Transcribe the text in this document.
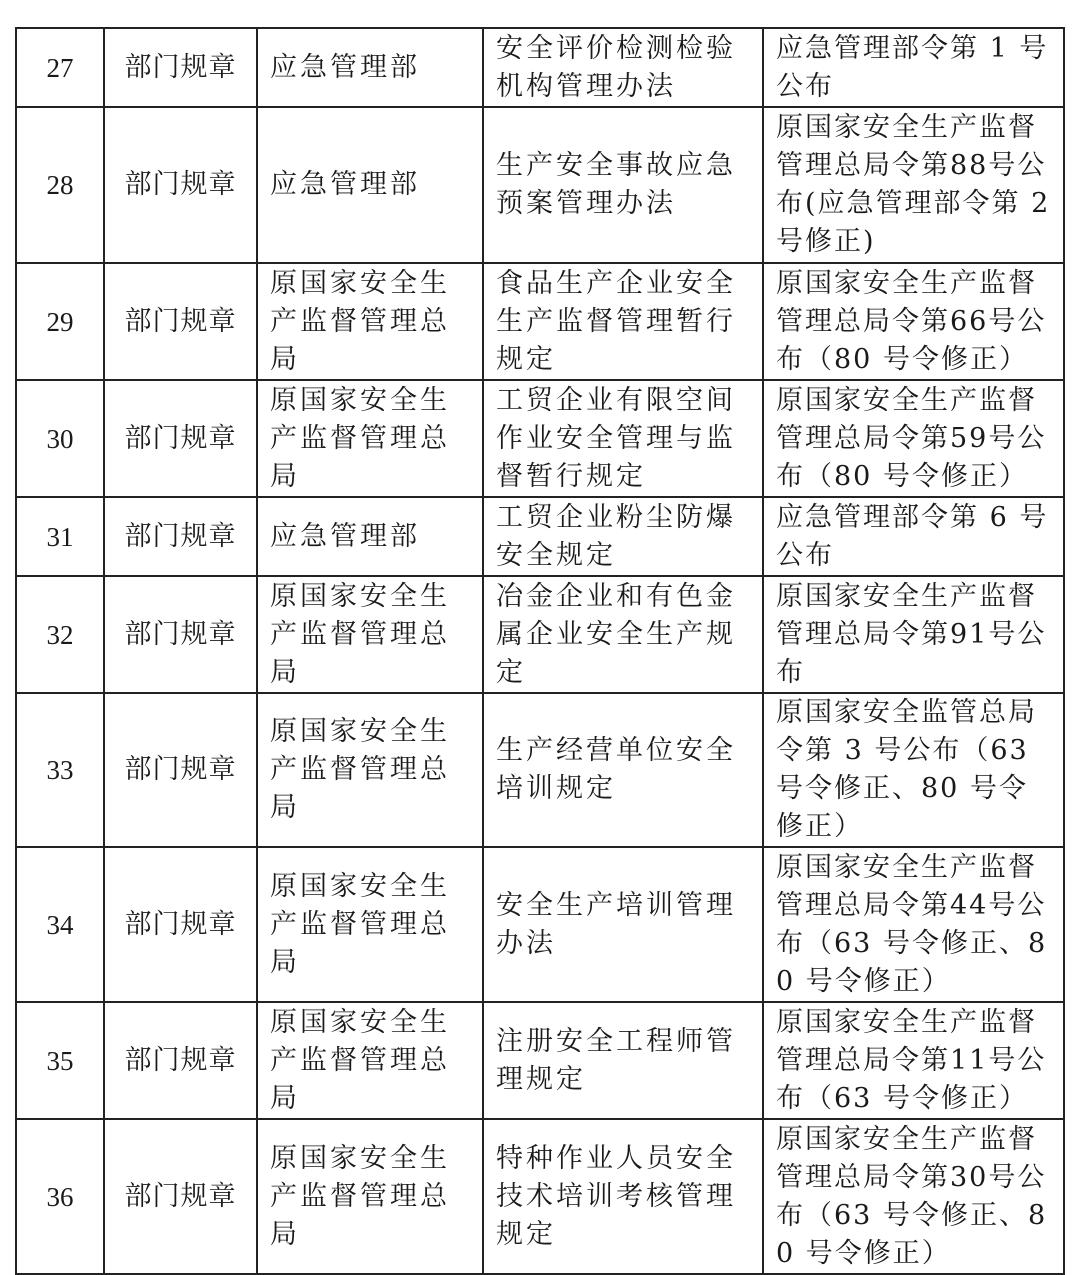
27	部门规章	应急管理部	安全评价检测检验机构管理办法	应急管理部令第 1 号公布
28	部门规章	应急管理部	生产安全事故应急预案管理办法	原国家安全生产监督管理总局令第88号公布(应急管理部令第 2 号修正)
29	部门规章	原国家安全生产监督管理总局	食品生产企业安全生产监督管理暂行规定	原国家安全生产监督管理总局令第66号公布（80 号令修正）
30	部门规章	原国家安全生产监督管理总局	工贸企业有限空间作业安全管理与监督暂行规定	原国家安全生产监督管理总局令第59号公布（80 号令修正）
31	部门规章	应急管理部	工贸企业粉尘防爆安全规定	应急管理部令第 6 号公布
32	部门规章	原国家安全生产监督管理总局	冶金企业和有色金属企业安全生产规定	原国家安全生产监督管理总局令第91号公布
33	部门规章	原国家安全生产监督管理总局	生产经营单位安全培训规定	原国家安全监管总局令第 3 号公布（63 号令修正、80 号令修正）
34	部门规章	原国家安全生产监督管理总局	安全生产培训管理办法	原国家安全生产监督管理总局令第44号公布（63 号令修正、80 号令修正）
35	部门规章	原国家安全生产监督管理总局	注册安全工程师管理规定	原国家安全生产监督管理总局令第11号公布（63 号令修正）
36	部门规章	原国家安全生产监督管理总局	特种作业人员安全技术培训考核管理规定	原国家安全生产监督管理总局令第30号公布（63 号令修正、80 号令修正）
